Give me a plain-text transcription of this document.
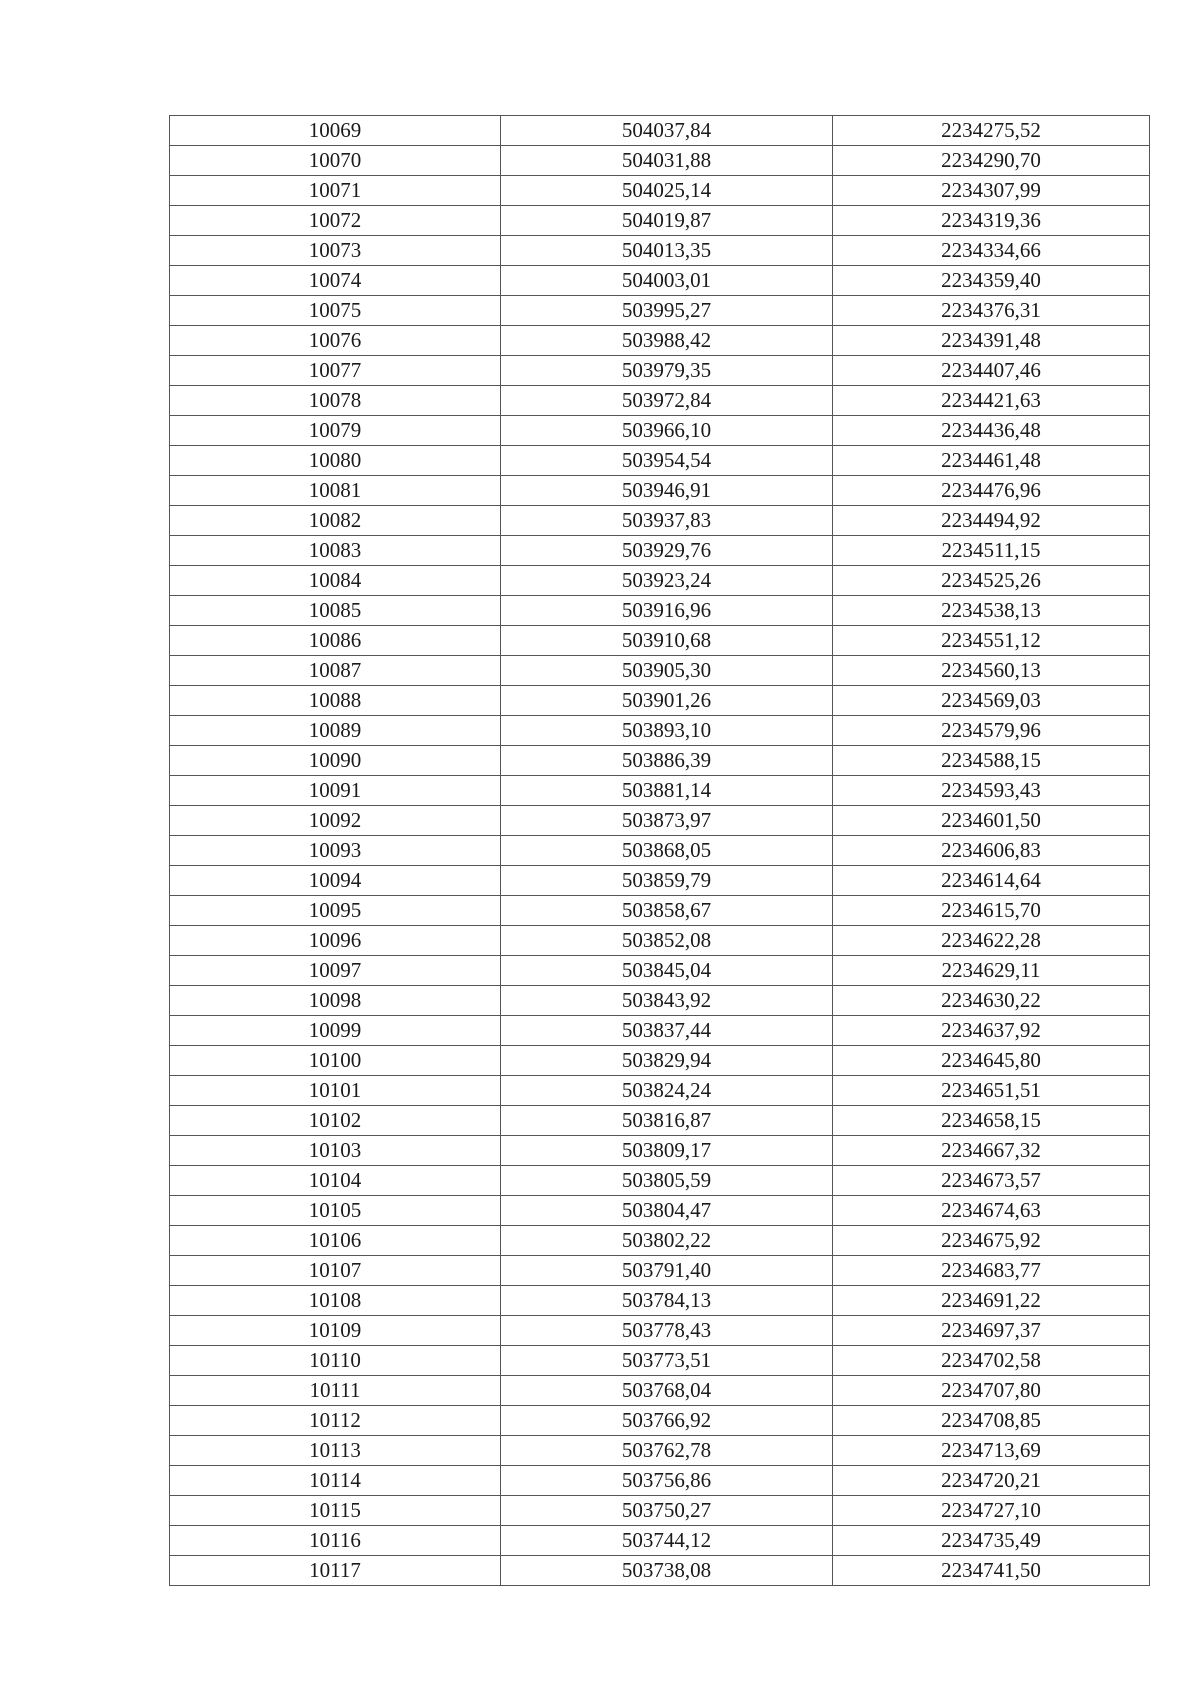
10069	504037,84	2234275,52
10070	504031,88	2234290,70
10071	504025,14	2234307,99
10072	504019,87	2234319,36
10073	504013,35	2234334,66
10074	504003,01	2234359,40
10075	503995,27	2234376,31
10076	503988,42	2234391,48
10077	503979,35	2234407,46
10078	503972,84	2234421,63
10079	503966,10	2234436,48
10080	503954,54	2234461,48
10081	503946,91	2234476,96
10082	503937,83	2234494,92
10083	503929,76	2234511,15
10084	503923,24	2234525,26
10085	503916,96	2234538,13
10086	503910,68	2234551,12
10087	503905,30	2234560,13
10088	503901,26	2234569,03
10089	503893,10	2234579,96
10090	503886,39	2234588,15
10091	503881,14	2234593,43
10092	503873,97	2234601,50
10093	503868,05	2234606,83
10094	503859,79	2234614,64
10095	503858,67	2234615,70
10096	503852,08	2234622,28
10097	503845,04	2234629,11
10098	503843,92	2234630,22
10099	503837,44	2234637,92
10100	503829,94	2234645,80
10101	503824,24	2234651,51
10102	503816,87	2234658,15
10103	503809,17	2234667,32
10104	503805,59	2234673,57
10105	503804,47	2234674,63
10106	503802,22	2234675,92
10107	503791,40	2234683,77
10108	503784,13	2234691,22
10109	503778,43	2234697,37
10110	503773,51	2234702,58
10111	503768,04	2234707,80
10112	503766,92	2234708,85
10113	503762,78	2234713,69
10114	503756,86	2234720,21
10115	503750,27	2234727,10
10116	503744,12	2234735,49
10117	503738,08	2234741,50
